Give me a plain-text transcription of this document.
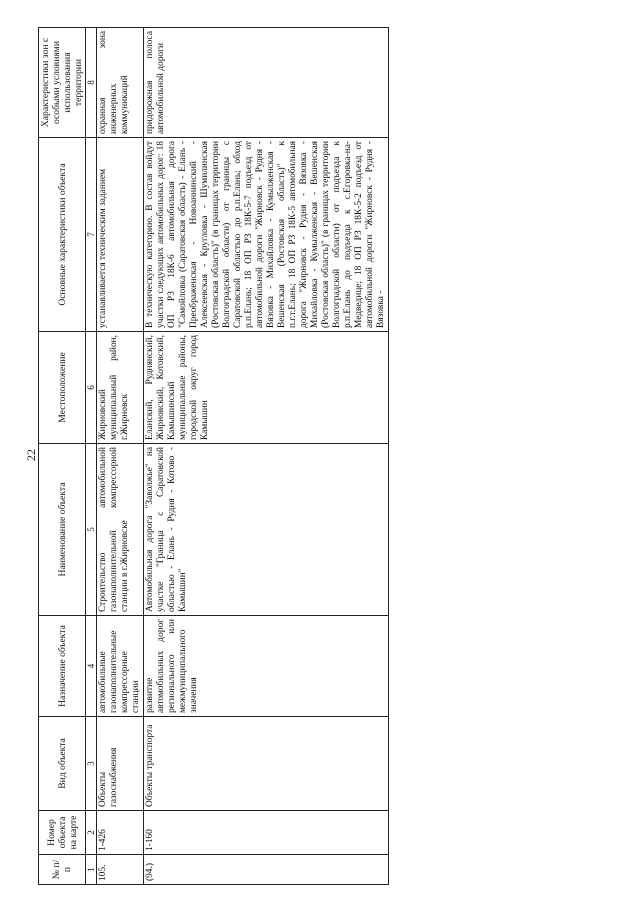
22
№ п/п	Номер объекта на карте	Вид объекта	Назначение объекта	Наименование объекта	Местоположение	Основные характеристики объекта	Характеристики зон с особыми условиями использования территории
1	2	3	4	5	6	7	8
105.	1-426	Объекты газоснабжения	автомобильные газонаполнительные компрессорные станции	Строительство автомобильной газонаполнительной компрессорной станции в г.Жирновске	Жирновский муниципальный район, г.Жирновск	устанавливается техническим заданием	охранная зона инженерных коммуникаций
(94.)	1-160	Объекты транспорта	развитие автомобильных дорог регионального или межмуниципального значения	Автомобильная дорога "Заволжье" на участке "Граница с Саратовской областью - Елань - Рудня - Котово - Камышин"	Еланский, Руднянский, Жирновский, Котовский, Камышинский муниципальные районы, городской округ город Камышин	В техническую категорию. В состав войдут участки следующих автомобильных дорог: 18 ОП РЗ 18К-6 автомобильная дорога "Самойловка (Саратовская область) - Елань - Преображенская - Новоаннинский - Алексеевская - Кругловка - Шумилинская (Ростовская область)" (в границах территории Волгоградской области) от границы с Саратовской областью до р.п.Елань; обход р.п.Елань; 18 ОП РЗ 18К-5-7 подъезд от автомобильной дороги "Жирновск - Рудня - Вязовка - Михайловка - Кумылженская - Вешенская (Ростовская область)" к п.г.т.Елань; 18 ОП РЗ 18К-5 автомобильная дорога "Жирновск - Рудня - Вязовка - Михайловка - Кумылженская - Вешенская (Ростовская область)" (в границах территории Волгоградской области) от подъезда к р.п.Елань до подъезда к с.Егоровка-на-Медведице; 18 ОП РЗ 18К-5-2 подъезд от автомобильной дороги "Жирновск - Рудня - Вязовка -	придорожная полоса автомобильной дороги
